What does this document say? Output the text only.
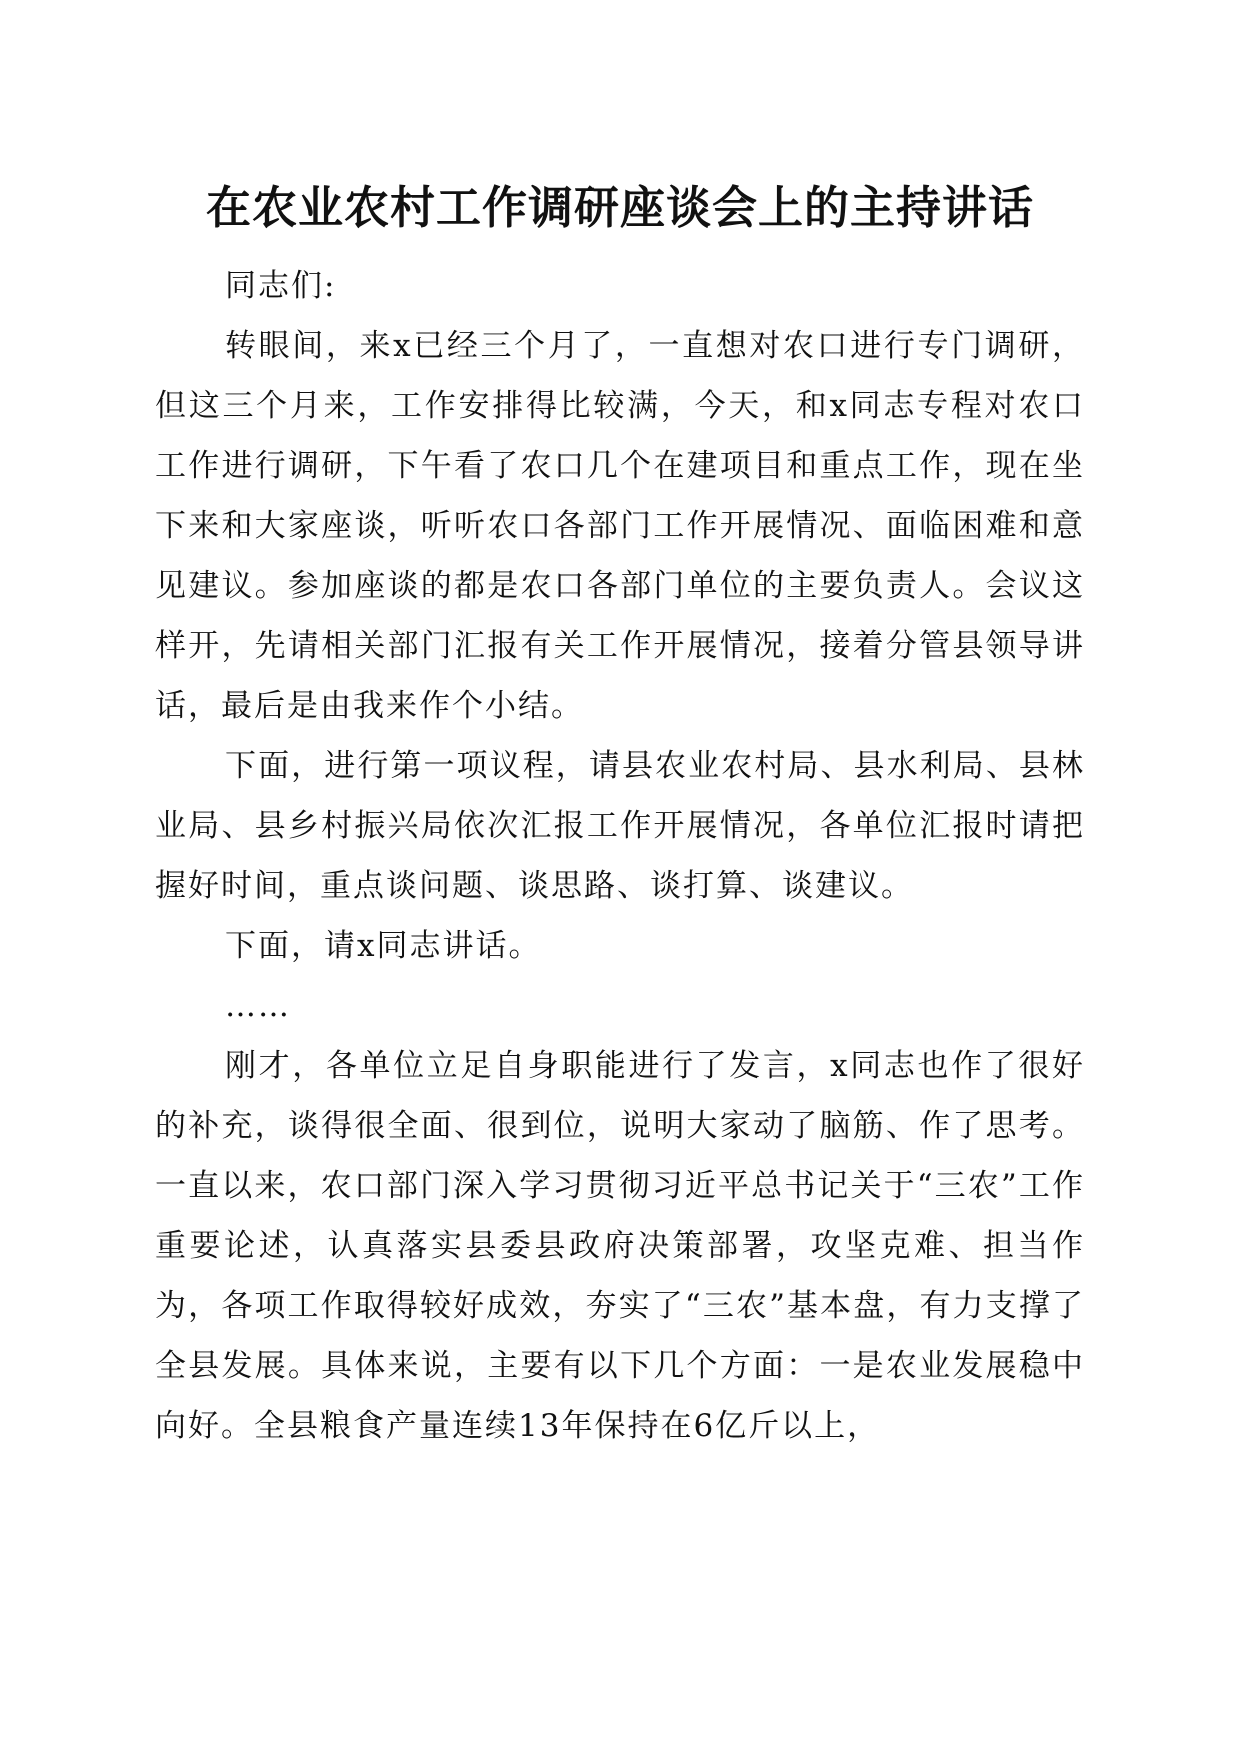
在农业农村工作调研座谈会上的主持讲话

同志们:

转眼间，来x已经三个月了，一直想对农口进行专门调研，但这三个月来，工作安排得比较满，今天，和x同志专程对农口工作进行调研，下午看了农口几个在建项目和重点工作，现在坐下来和大家座谈，听听农口各部门工作开展情况、面临困难和意见建议。参加座谈的都是农口各部门单位的主要负责人。会议这样开，先请相关部门汇报有关工作开展情况，接着分管县领导讲话，最后是由我来作个小结。

下面，进行第一项议程，请县农业农村局、县水利局、县林业局、县乡村振兴局依次汇报工作开展情况，各单位汇报时请把握好时间，重点谈问题、谈思路、谈打算、谈建议。

下面，请x同志讲话。

……

刚才，各单位立足自身职能进行了发言，x同志也作了很好的补充，谈得很全面、很到位，说明大家动了脑筋、作了思考。一直以来，农口部门深入学习贯彻习近平总书记关于“三农”工作重要论述，认真落实县委县政府决策部署，攻坚克难、担当作为，各项工作取得较好成效，夯实了“三农”基本盘，有力支撑了全县发展。具体来说，主要有以下几个方面：一是农业发展稳中向好。全县粮食产量连续13年保持在6亿斤以上，
